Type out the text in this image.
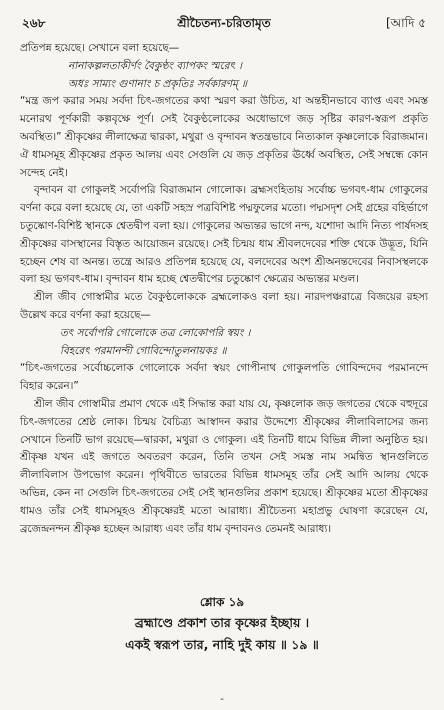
২৬৮	শ্রীচৈতন্য-চরিতামৃত	[আদি ৫

প্রতিপন্ন হয়েছে। সেখানে বলা হয়েছে—

নানাকল্পলতাকীর্ণং বৈকুণ্ঠং ব্যাপকং স্মরেৎ ।
অধঃ সাম্যং গুণানাং চ প্রকৃতিঃ সর্বকারণম্ ॥

“মন্ত্র জপ করার সময় সর্বদা চিৎ-জগতের কথা স্মরণ করা উচিত, যা অন্তহীনভাবে ব্যাপ্ত এবং সমস্ত মনোরথ পূর্ণকারী কল্পবৃক্ষে পূর্ণ। সেই বৈকুণ্ঠলোকের অধোভাগে জড় সৃষ্টির কারণ-স্বরূপ প্রকৃতি অবস্থিত।” শ্রীকৃষ্ণের লীলাক্ষেত্র দ্বারকা, মথুরা ও বৃন্দাবন স্বতন্ত্রভাবে নিত্যকাল কৃষ্ণলোকে বিরাজমান। ঐ ধামসমূহ শ্রীকৃষ্ণের প্রকৃত আলয় এবং সেগুলি যে জড় প্রকৃতির ঊর্ধ্বে অবস্থিত, সেই সম্বন্ধে কোন সন্দেহ নেই।

বৃন্দাবন বা গোকুলই সর্বোপরি বিরাজমান গোলোক। ব্রহ্মসংহিতায় সর্বোচ্চ ভগবৎ-ধাম গোকুলের বর্ণনা করে বলা হয়েছে যে, তা একটি সহস্র পত্রবিশিষ্ট পদ্মফুলের মতো। পদ্মসদৃশ সেই গ্রহের বহির্ভাগে চতুষ্কোণ-বিশিষ্ট স্থানকে শ্বেতদ্বীপ বলা হয়। গোকুলের অভ্যন্তর ভাগে নন্দ, যশোদা আদি নিত্য পার্ষদসহ শ্রীকৃষ্ণের বাসস্থানের বিস্তৃত আয়োজন রয়েছে। সেই চিন্ময় ধাম শ্রীবলদেবের শক্তি থেকে উদ্ভূত, যিনি হচ্ছেন শেষ বা অনন্ত। তন্ত্রে আরও প্রতিপন্ন হয়েছে যে, বলদেবের অংশ শ্রীঅনন্তদেবের নিবাসস্থলকে বলা হয় ভগবৎ-ধাম। বৃন্দাবন ধাম হচ্ছে শ্বেতদ্বীপের চতুষ্কোণ ক্ষেত্রের অভ্যন্তর মণ্ডল।

শ্রীল জীব গোস্বামীর মতে বৈকুণ্ঠলোককে ব্রহ্মলোকও বলা হয়। নারদপঞ্চরাত্রে বিজয়ের রহস্য উল্লেখ করে বর্ণনা করা হয়েছে—

তৎ সর্বোপরি গোলোকে তত্র লোকোপরি স্বয়ং ।
বিহরেৎ পরমানন্দী গোবিন্দোতুলনায়কঃ ॥

“চিৎ-জগতের সর্বোচ্চলোক গোলোকে সর্বদা স্বয়ং গোপীনাথ গোকুলপতি গোবিন্দদেব পরমানন্দে বিহার করেন।”

শ্রীল জীব গোস্বামীর প্রমাণ থেকে এই সিদ্ধান্ত করা যায় যে, কৃষ্ণলোক জড় জগতের থেকে বহুদূরে চিৎ-জগতের শ্রেষ্ঠ লোক। চিন্ময় বৈচিত্র্য আস্বাদন করার উদ্দেশ্যে শ্রীকৃষ্ণের লীলাবিলাসের জন্য সেখানে তিনটি ভাগ রয়েছে—দ্বারকা, মথুরা ও গোকুল। এই তিনটি ধামে বিভিন্ন লীলা অনুষ্ঠিত হয়। শ্রীকৃষ্ণ যখন এই জগতে অবতরণ করেন, তিনি তখন সেই সমস্ত নাম সমন্বিত স্থানগুলিতে লীলাবিলাস উপভোগ করেন। পৃথিবীতে ভারতের বিভিন্ন ধামসমূহ তাঁর সেই আদি আলয় থেকে অভিন্ন, কেন না সেগুলি চিৎ-জগতের সেই সেই স্থানগুলির প্রকাশ হয়েছে। শ্রীকৃষ্ণের মতো শ্রীকৃষ্ণের ধামও তাঁর সেই ধামসমূহও শ্রীকৃষ্ণেরই মতো আরাধ্য। শ্রীচৈতন্য মহাপ্রভু ঘোষণা করেছেন যে, ব্রজেন্দ্রনন্দন শ্রীকৃষ্ণ হচ্ছেন আরাধ্য এবং তাঁর ধাম বৃন্দাবনও তেমনই আরাধ্য।

শ্লোক ১৯
ব্রহ্মাণ্ডে প্রকাশ তার কৃষ্ণের ইচ্ছায় ।
একই স্বরূপ তার, নাহি দুই কায় ॥ ১৯ ॥
-
